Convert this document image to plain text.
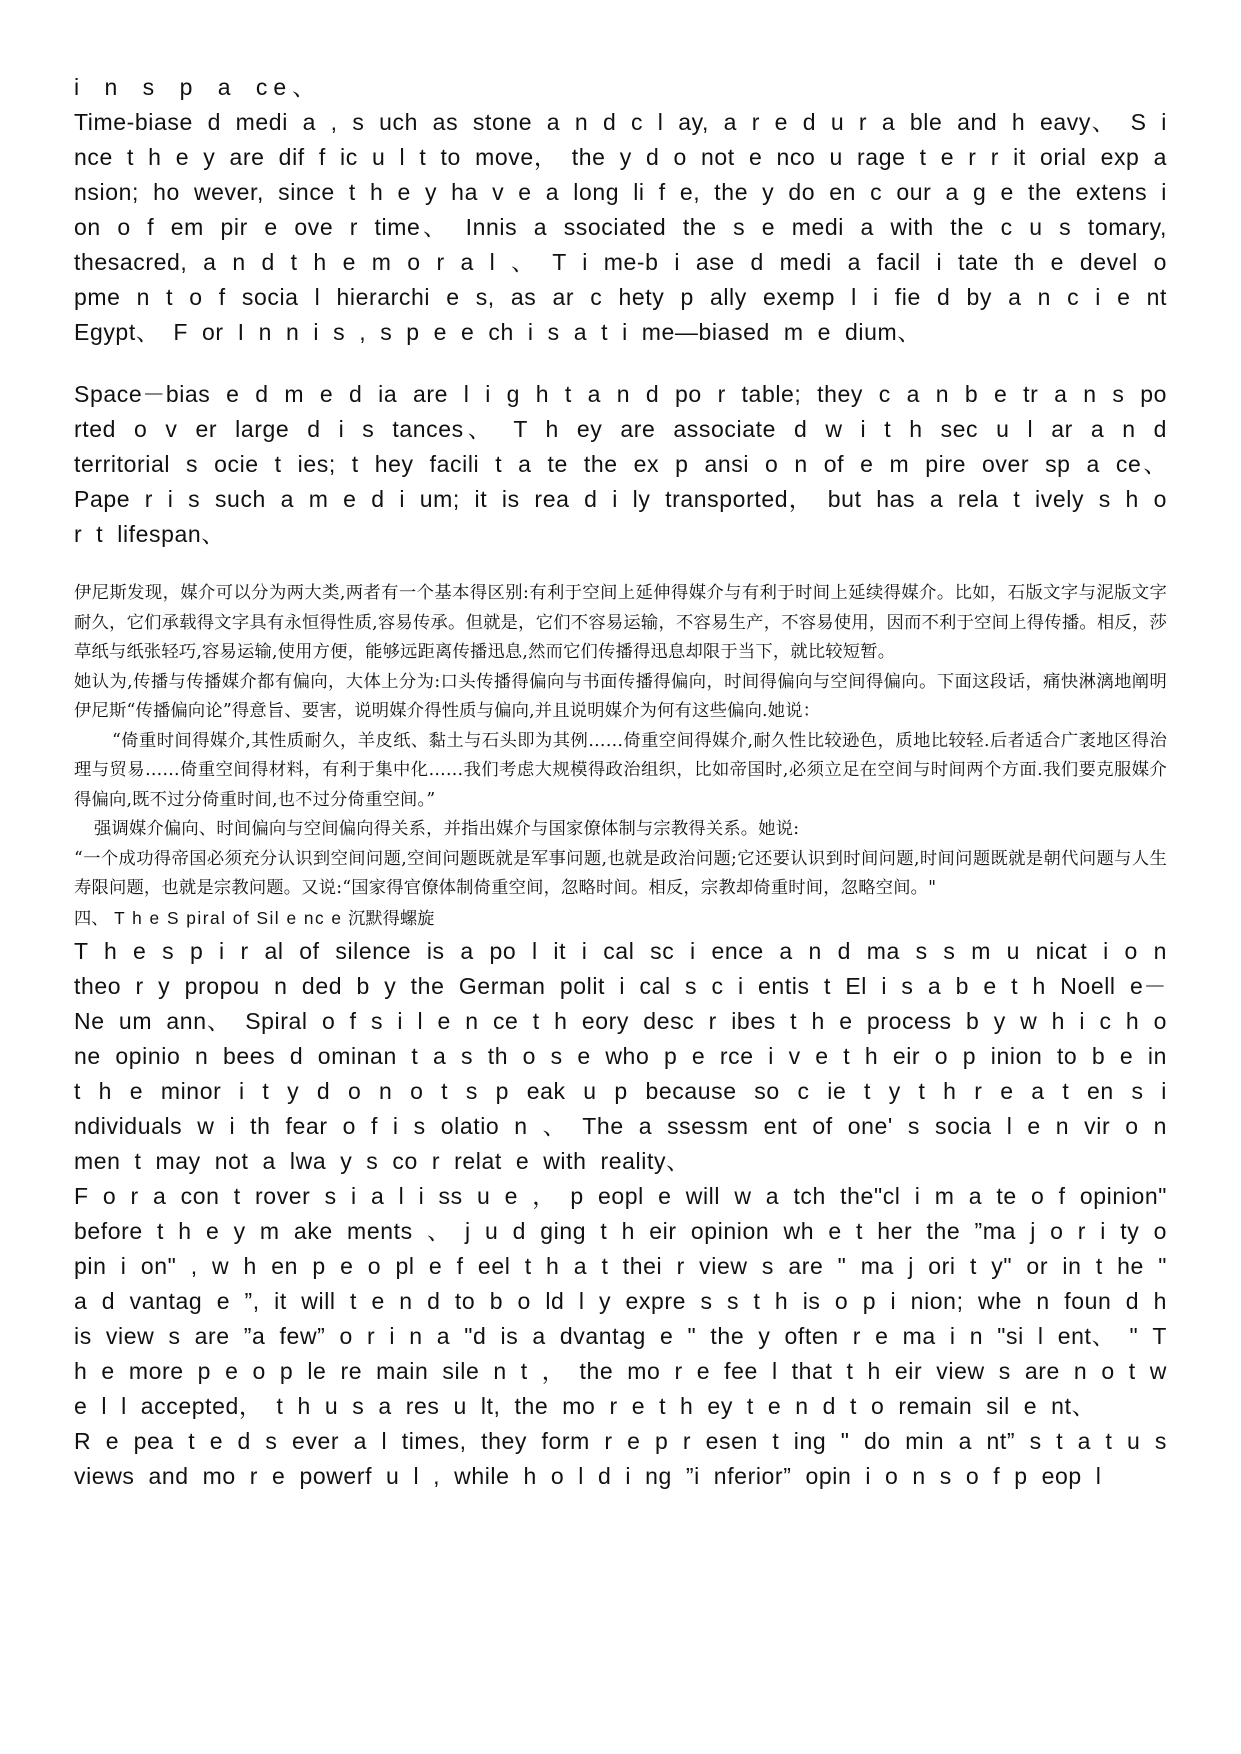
i n s p a ce、

Time-biase d medi a , s uch as stone a n d c l ay, a r e d u r a ble and h eavy、 S i nce t h e y are dif f ic u l t to move， the y d o not e nco u rage t e r r it orial exp a nsion; ho wever, since t h e y ha v e a long li f e, the y do en c our a g e the extens i on o f em pir e ove r time、 Innis a ssociated the s e medi a with the c u s tomary, thesacred, a n d t h e m o r a l 、 T i me-b i ase d medi a facil i tate th e devel o pme n t o f socia l hierarchi e s, as ar c hety p ally exemp l i fie d by a n c i e nt Egypt、 F or I n n i s , s p e e ch i s a t i me—biased m e dium、

Space－bias e d m e d ia are l i g h t a n d po r table; they c a n b e tr a n s po rted o v er large d i s tances、 T h ey are associate d w i t h sec u l ar a n d territorial s ocie t ies; t hey facili t a te the ex p ansi o n of e m pire over sp a ce、 Pape r i s such a m e d i um; it is rea d i ly transported， but has a rela t ively s h o r t lifespan、

伊尼斯发现，媒介可以分为两大类,两者有一个基本得区别:有利于空间上延伸得媒介与有利于时间上延续得媒介。比如，石版文字与泥版文字耐久，它们承载得文字具有永恒得性质,容易传承。但就是，它们不容易运输，不容易生产，不容易使用，因而不利于空间上得传播。相反，莎草纸与纸张轻巧,容易运输,使用方便，能够远距离传播迅息,然而它们传播得迅息却限于当下，就比较短暂。

她认为,传播与传播媒介都有偏向，大体上分为:口头传播得偏向与书面传播得偏向，时间得偏向与空间得偏向。下面这段话，痛快淋漓地阐明伊尼斯“传播偏向论”得意旨、要害，说明媒介得性质与偏向,并且说明媒介为何有这些偏向.她说：

“倚重时间得媒介,其性质耐久，羊皮纸、黏土与石头即为其例……倚重空间得媒介,耐久性比较逊色，质地比较轻.后者适合广袤地区得治理与贸易……倚重空间得材料，有利于集中化……我们考虑大规模得政治组织，比如帝国时,必须立足在空间与时间两个方面.我们要克服媒介得偏向,既不过分倚重时间,也不过分倚重空间。”

强调媒介偏向、时间偏向与空间偏向得关系，并指出媒介与国家僚体制与宗教得关系。她说:

“一个成功得帝国必须充分认识到空间问题,空间问题既就是军事问题,也就是政治问题;它还要认识到时间问题,时间问题既就是朝代问题与人生寿限问题，也就是宗教问题。又说:“国家得官僚体制倚重空间，忽略时间。相反，宗教却倚重时间，忽略空间。"

四、 T h e S piral of Sil e nc e 沉默得螺旋

T h e s p i r al of silence is a po l it i cal sc i ence a n d ma s s m u nicat i o n theo r y propou n ded b y the German polit i cal s c i entis t El i s a b e t h Noell e－Ne um ann、 Spiral o f s i l e n ce t h eory desc r ibes t h e process b y w h i c h o ne opinio n bees d ominan t a s th o s e who p e rce i v e t h eir o p inion to b e in t h e minor i t y d o n o t s p eak u p because so c ie t y t h r e a t en s i ndividuals w i th fear o f i s olatio n 、 The a ssessm ent of one' s socia l e n vir o n men t may not a lwa y s co r relat e with reality、

F o r a con t rover s i a l i ss u e ， p eopl e will w a tch the"cl i m a te o f opinion" before t h e y m ake ments 、 j u d ging t h eir opinion wh e t her the ”ma j o r i ty o pin i on" , w h en p e o pl e f eel t h a t thei r view s are " ma j ori t y" or in t he " a d vantag e ”, it will t e n d to b o ld l y expre s s t h is o p i nion; whe n foun d h is view s are ”a few” o r i n a "d is a dvantag e " the y often r e ma i n "si l ent、 " T h e more p e o p le re main sile n t ， the mo r e fee l that t h eir view s are n o t w e l l accepted， t h u s a res u lt, the mo r e t h ey t e n d t o remain sil e nt、

R e pea t e d s ever a l times, they form r e p r esen t ing " do min a nt” s t a t u s views and mo r e powerf u l , while h o l d i ng ”i nferior” opin i o n s o f p eop l
